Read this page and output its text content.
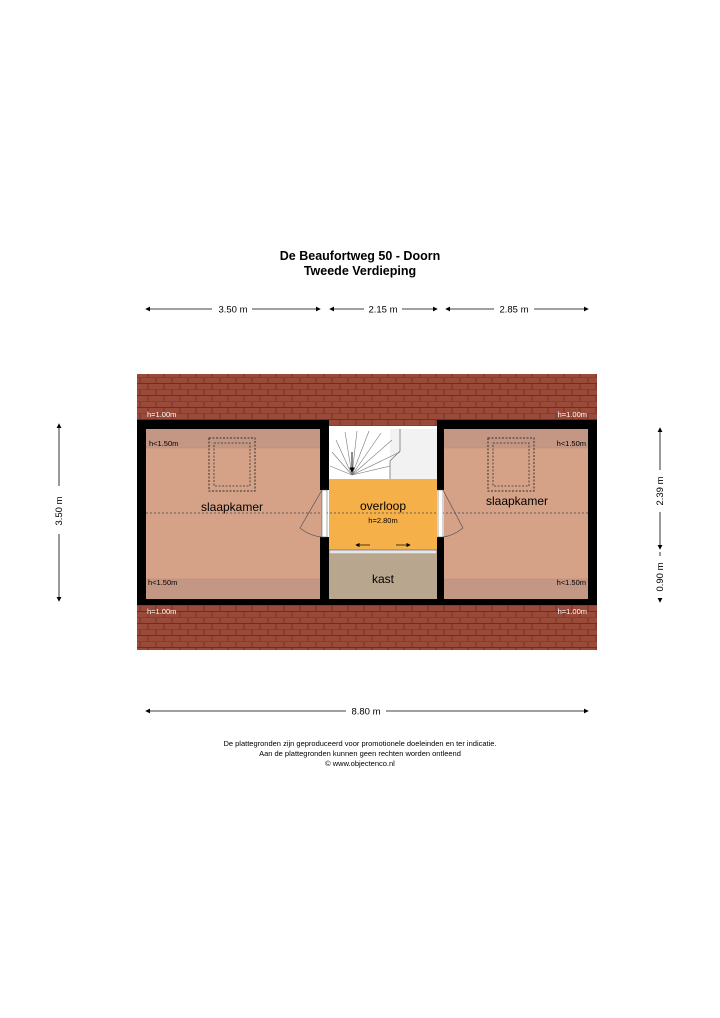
De Beaufortweg 50 - Doorn
Tweede Verdieping
3.50 m	2.15 m	2.85 m
3.50 m
2.39 m
0.90 m
8.80 m
slaapkamer	overloop
h=2.80m
slaapkamer
kast
h=1.00m
h<1.50m
h=1.00m
h<1.50m
h<1.50m
h=1.00m
h<1.50m
h=1.00m
De plattegronden zijn geproduceerd voor promotionele doeleinden en ter indicatie.
Aan de plattegronden kunnen geen rechten worden ontleend
© www.objectenco.nl
